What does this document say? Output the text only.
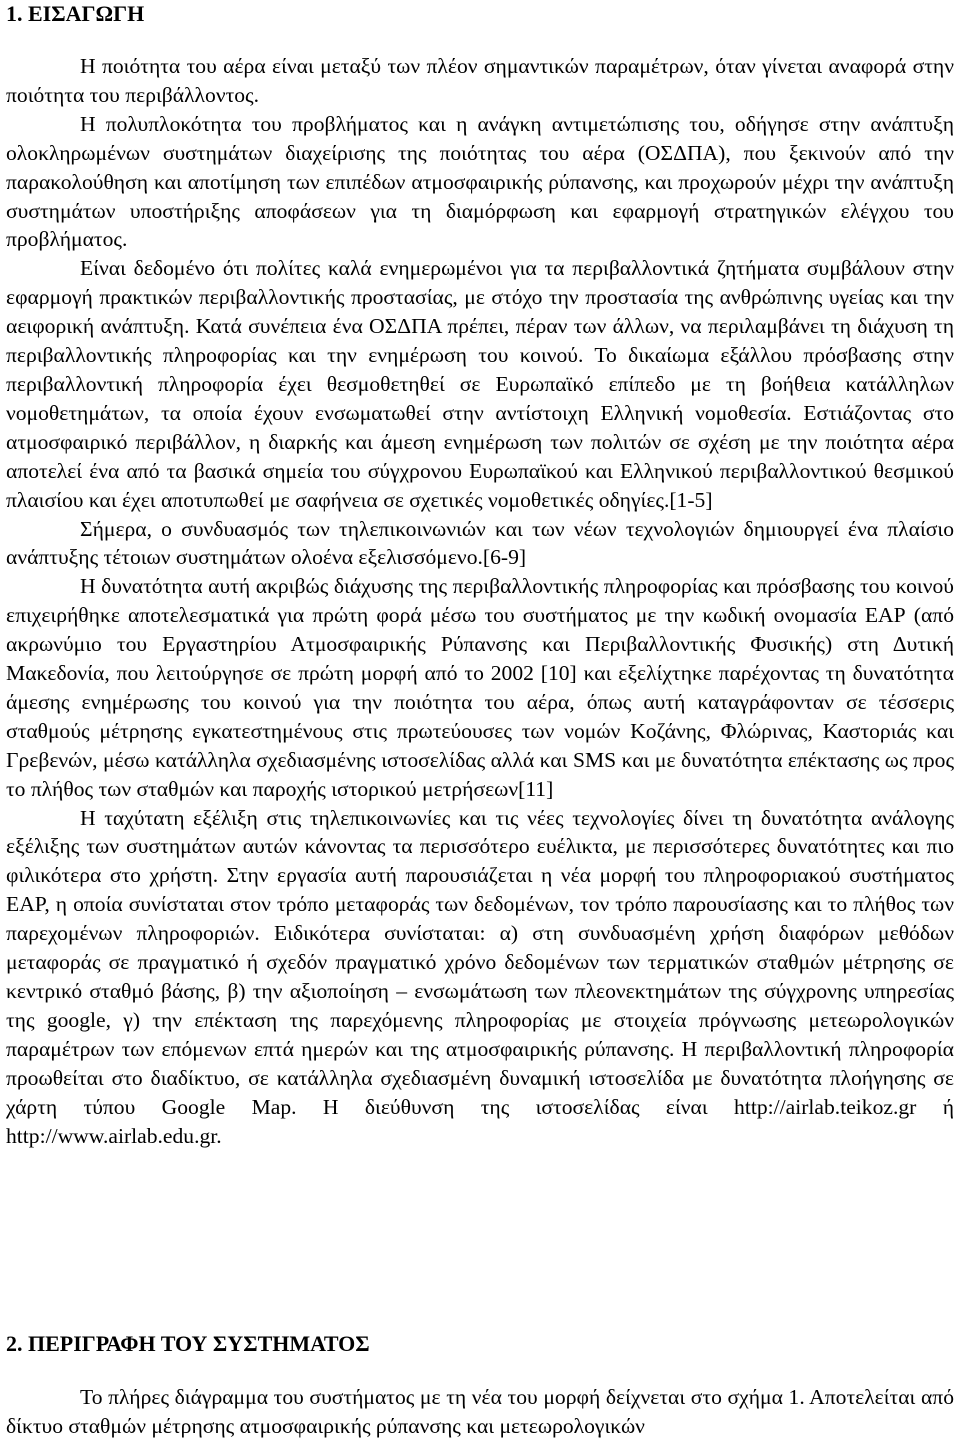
1. ΕΙΣΑΓΩΓΗ

Η ποιότητα του αέρα είναι μεταξύ των πλέον σημαντικών παραμέτρων, όταν γίνεται αναφορά στην ποιότητα του περιβάλλοντος.

Η πολυπλοκότητα του προβλήματος και η ανάγκη αντιμετώπισης του, οδήγησε στην ανάπτυξη ολοκληρωμένων συστημάτων διαχείρισης της ποιότητας του αέρα (ΟΣΔΠΑ), που ξεκινούν από την παρακολούθηση και αποτίμηση των επιπέδων ατμοσφαιρικής ρύπανσης, και προχωρούν μέχρι την ανάπτυξη συστημάτων υποστήριξης αποφάσεων για τη διαμόρφωση και εφαρμογή στρατηγικών ελέγχου του προβλήματος.

Είναι δεδομένο ότι πολίτες καλά ενημερωμένοι για τα περιβαλλοντικά ζητήματα συμβάλουν στην εφαρμογή πρακτικών περιβαλλοντικής προστασίας, με στόχο την προστασία της ανθρώπινης υγείας και την αειφορική ανάπτυξη. Κατά συνέπεια ένα ΟΣΔΠΑ πρέπει, πέραν των άλλων, να περιλαμβάνει τη διάχυση τη περιβαλλοντικής πληροφορίας και την ενημέρωση του κοινού. Το δικαίωμα εξάλλου πρόσβασης στην περιβαλλοντική πληροφορία έχει θεσμοθετηθεί σε Ευρωπαϊκό επίπεδο με τη βοήθεια κατάλληλων νομοθετημάτων, τα οποία έχουν ενσωματωθεί στην αντίστοιχη Ελληνική νομοθεσία. Εστιάζοντας στο ατμοσφαιρικό περιβάλλον, η διαρκής και άμεση ενημέρωση των πολιτών σε σχέση με την ποιότητα αέρα αποτελεί ένα από τα βασικά σημεία του σύγχρονου Ευρωπαϊκού και Ελληνικού περιβαλλοντικού θεσμικού πλαισίου και έχει αποτυπωθεί με σαφήνεια σε σχετικές νομοθετικές οδηγίες.[1-5]

Σήμερα, ο συνδυασμός των τηλεπικοινωνιών και των νέων τεχνολογιών δημιουργεί ένα πλαίσιο ανάπτυξης τέτοιων συστημάτων ολοένα εξελισσόμενο.[6-9]

Η δυνατότητα αυτή ακριβώς διάχυσης της περιβαλλοντικής πληροφορίας και πρόσβασης του κοινού επιχειρήθηκε αποτελεσματικά για πρώτη φορά μέσω του συστήματος με την κωδική ονομασία ΕΑΡ (από ακρωνύμιο του Εργαστηρίου Ατμοσφαιρικής Ρύπανσης και Περιβαλλοντικής Φυσικής) στη Δυτική Μακεδονία, που λειτούργησε σε πρώτη μορφή από το 2002 [10] και εξελίχτηκε παρέχοντας τη δυνατότητα άμεσης ενημέρωσης του κοινού για την ποιότητα του αέρα, όπως αυτή καταγράφονταν σε τέσσερις σταθμούς μέτρησης εγκατεστημένους στις πρωτεύουσες των νομών Κοζάνης, Φλώρινας, Καστοριάς και Γρεβενών, μέσω κατάλληλα σχεδιασμένης ιστοσελίδας αλλά και SMS και με δυνατότητα επέκτασης ως προς το πλήθος των σταθμών και παροχής ιστορικού μετρήσεων[11]

Η ταχύτατη εξέλιξη στις τηλεπικοινωνίες και τις νέες τεχνολογίες δίνει τη δυνατότητα ανάλογης εξέλιξης των συστημάτων αυτών κάνοντας τα περισσότερο ευέλικτα, με περισσότερες δυνατότητες και πιο φιλικότερα στο χρήστη. Στην εργασία αυτή παρουσιάζεται η νέα μορφή του πληροφοριακού συστήματος ΕΑΡ, η οποία συνίσταται στον τρόπο μεταφοράς των δεδομένων, τον τρόπο παρουσίασης και το πλήθος των παρεχομένων πληροφοριών. Ειδικότερα συνίσταται: α) στη συνδυασμένη χρήση διαφόρων μεθόδων μεταφοράς σε πραγματικό ή σχεδόν πραγματικό χρόνο δεδομένων των τερματικών σταθμών μέτρησης σε κεντρικό σταθμό βάσης, β) την αξιοποίηση – ενσωμάτωση των πλεονεκτημάτων της σύγχρονης υπηρεσίας της google, γ) την επέκταση της παρεχόμενης πληροφορίας με στοιχεία πρόγνωσης μετεωρολογικών παραμέτρων των επόμενων επτά ημερών και της ατμοσφαιρικής ρύπανσης. Η περιβαλλοντική πληροφορία προωθείται στο διαδίκτυο, σε κατάλληλα σχεδιασμένη δυναμική ιστοσελίδα με δυνατότητα πλοήγησης σε χάρτη τύπου Google Map. Η διεύθυνση της ιστοσελίδας είναι http://airlab.teikoz.gr ή http://www.airlab.edu.gr.

2. ΠΕΡΙΓΡΑΦΗ ΤΟΥ ΣΥΣΤΗΜΑΤΟΣ

Το πλήρες διάγραμμα του συστήματος με τη νέα του μορφή δείχνεται στο σχήμα 1. Αποτελείται από δίκτυο σταθμών μέτρησης ατμοσφαιρικής ρύπανσης και μετεωρολογικών
